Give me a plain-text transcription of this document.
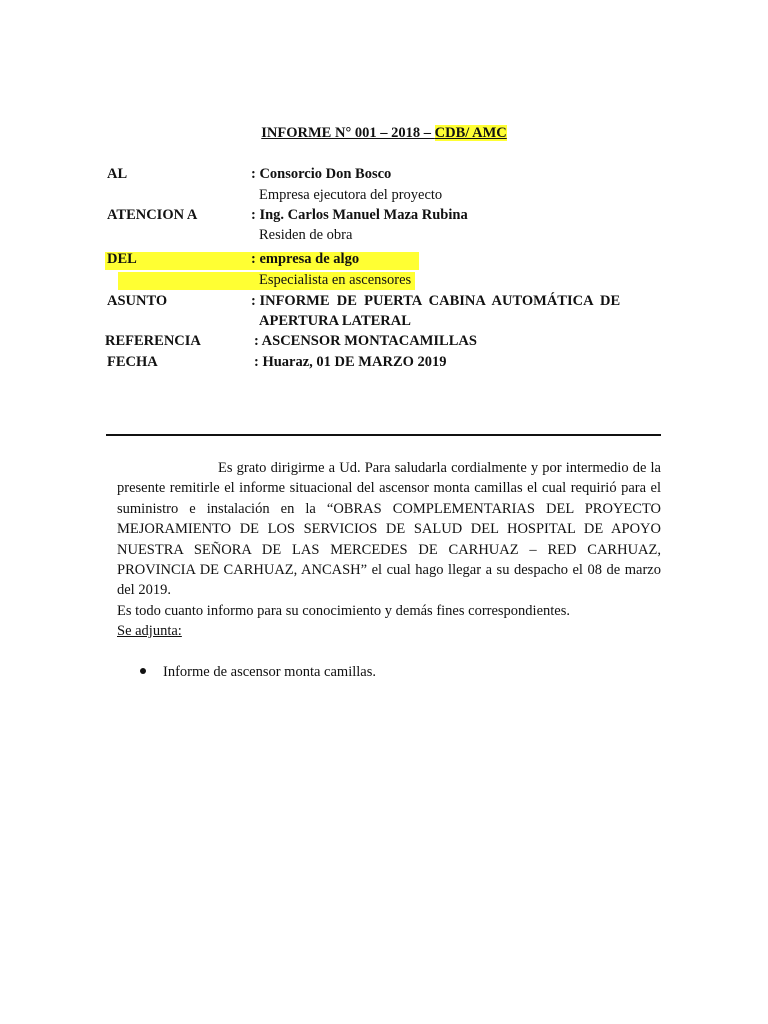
INFORME N° 001 – 2018 – CDB/ AMC
AL	: Consorcio Don Bosco
Empresa ejecutora del proyecto
ATENCION A	: Ing. Carlos Manuel Maza Rubina
Residen de obra
DEL	: empresa de algo
Especialista en ascensores
ASUNTO	: INFORME  DE  PUERTA  CABINA  AUTOMÁTICA  DE
APERTURA LATERAL
REFERENCIA	: ASCENSOR MONTACAMILLAS
FECHA	: Huaraz, 01 DE MARZO 2019

Es grato dirigirme a Ud. Para saludarla cordialmente y por intermedio de la presente remitirle el informe situacional del ascensor monta camillas el cual requirió para el suministro e instalación en la “OBRAS COMPLEMENTARIAS DEL PROYECTO MEJORAMIENTO DE LOS SERVICIOS DE SALUD DEL HOSPITAL DE APOYO NUESTRA SEÑORA DE LAS MERCEDES DE CARHUAZ – RED CARHUAZ, PROVINCIA DE CARHUAZ, ANCASH” el cual hago llegar a su despacho el 08 de marzo del 2019.

Es todo cuanto informo para su conocimiento y demás fines correspondientes.

Se adjunta:

Informe de ascensor monta camillas.
